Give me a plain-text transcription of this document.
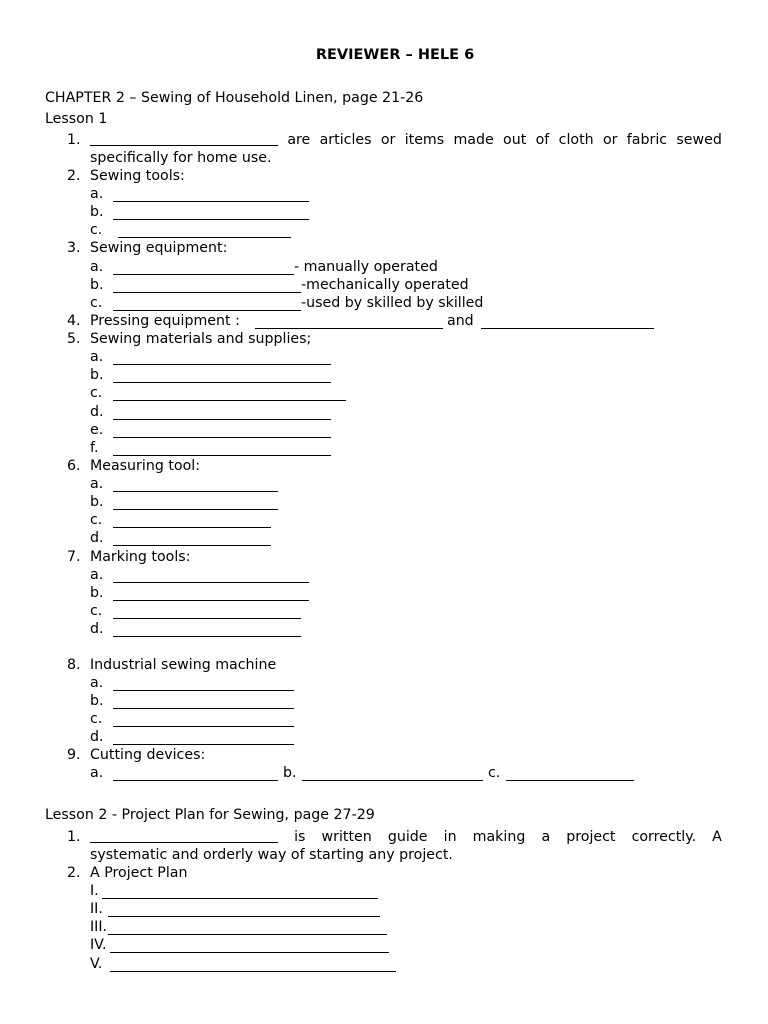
REVIEWER – HELE 6
CHAPTER 2 – Sewing of Household Linen, page 21-26
Lesson 1
1.	are articles or items made out of cloth or fabric sewed
specifically for home use.
2. Sewing tools:
a.
b.
c.
3. Sewing equipment:
a.	- manually operated
b.	-mechanically operated
c.	-used by skilled by skilled
4. Pressing equipment :	and
5. Sewing materials and supplies;
a.
b.
c.
d.
e.
f.
6. Measuring tool:
a.
b.
c.
d.
7. Marking tools:
a.
b.
c.
d.
8. Industrial sewing machine
a.
b.
c.
d.
9. Cutting devices:
a.	b.	c.
Lesson 2 - Project Plan for Sewing, page 27-29
1.	is written guide in making a project correctly. A
systematic and orderly way of starting any project.
2. A Project Plan
I.
II.
III.
IV.
V.
